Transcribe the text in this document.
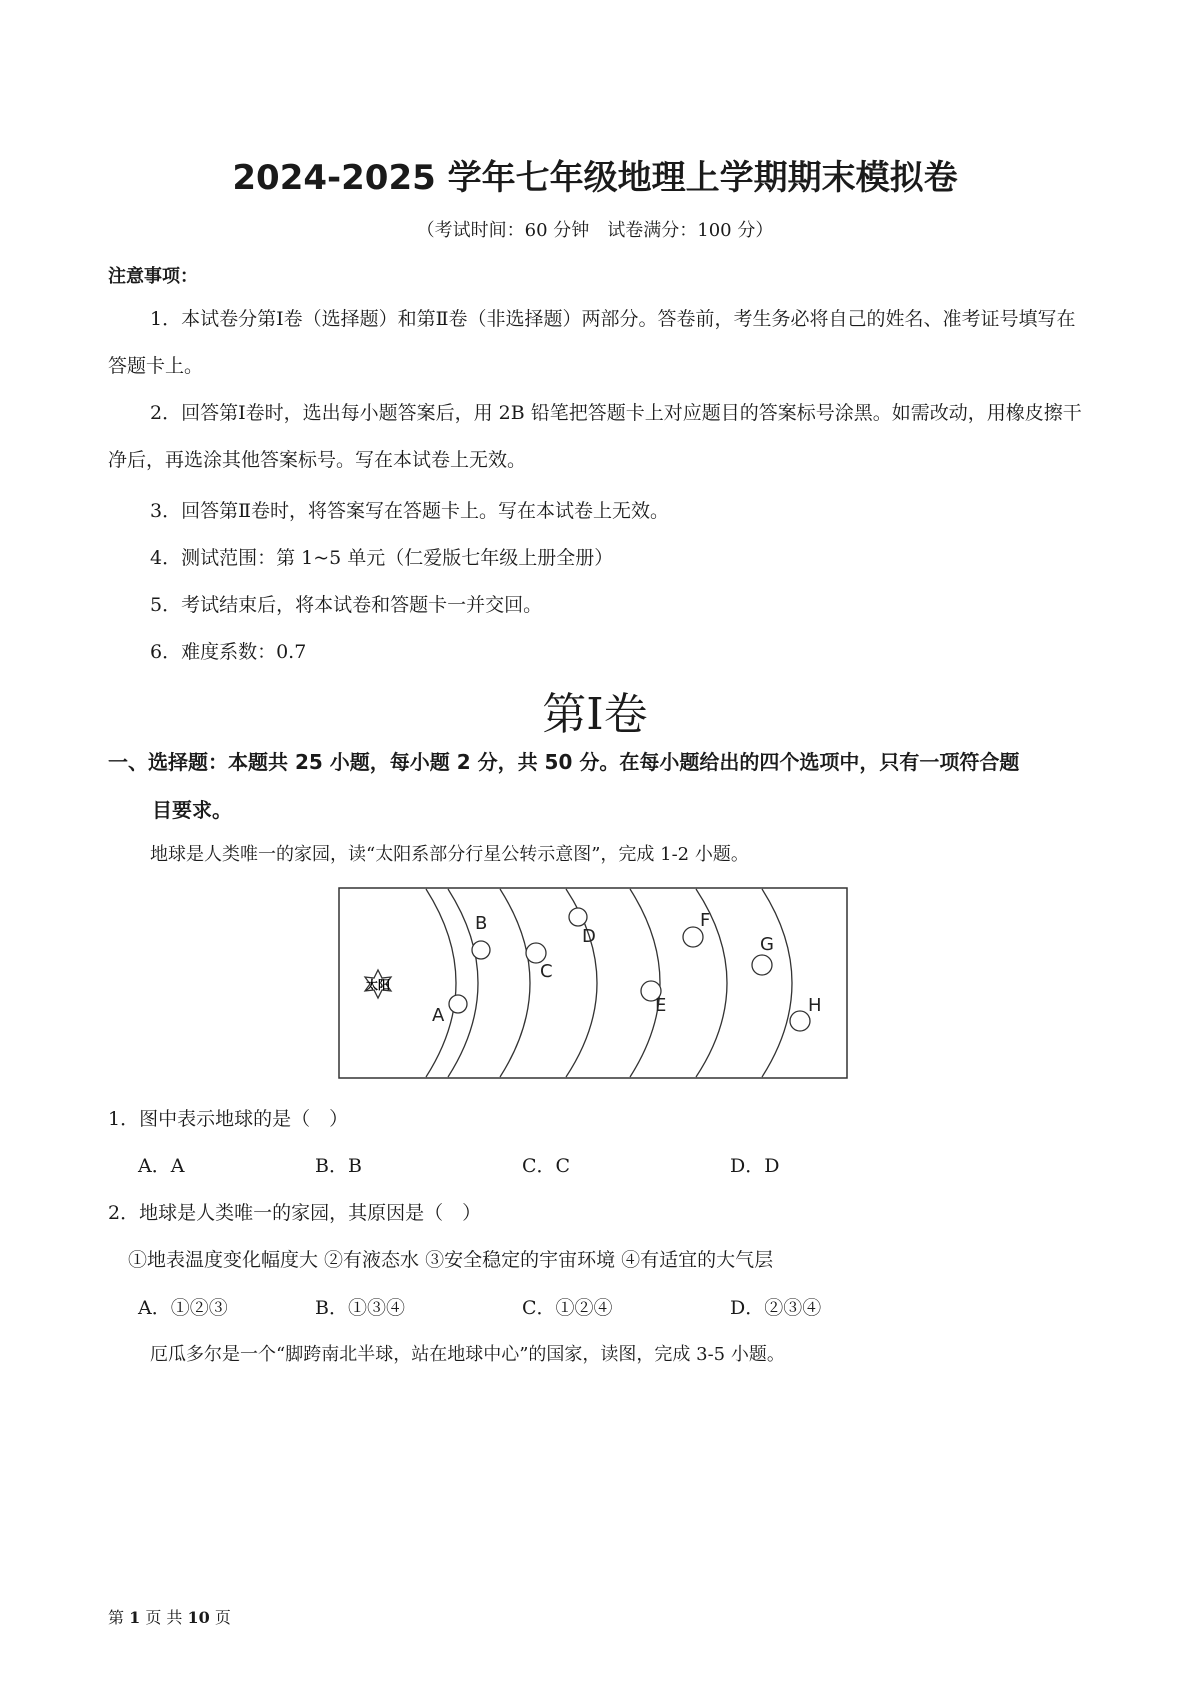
2024-2025 学年七年级地理上学期期末模拟卷
（考试时间：60 分钟　试卷满分：100 分）
注意事项：
1．本试卷分第Ⅰ卷（选择题）和第Ⅱ卷（非选择题）两部分。答卷前，考生务必将自己的姓名、准考证号填写在答题卡上。
2．回答第Ⅰ卷时，选出每小题答案后，用 2B 铅笔把答题卡上对应题目的答案标号涂黑。如需改动，用橡皮擦干净后，再选涂其他答案标号。写在本试卷上无效。
3．回答第Ⅱ卷时，将答案写在答题卡上。写在本试卷上无效。
4．测试范围：第 1~5 单元（仁爱版七年级上册全册）
5．考试结束后，将本试卷和答题卡一并交回。
6．难度系数：0.7
第Ⅰ卷
一、选择题：本题共 25 小题，每小题 2 分，共 50 分。在每小题给出的四个选项中，只有一项符合题
目要求。
地球是人类唯一的家园，读“太阳系部分行星公转示意图”，完成 1-2 小题。
太阳
A
B
C
D
E
F
G
H
1．图中表示地球的是（　）
A．A	B．B	C．C	D．D
2．地球是人类唯一的家园，其原因是（　）
①地表温度变化幅度大 ②有液态水 ③安全稳定的宇宙环境 ④有适宜的大气层
A．①②③	B．①③④	C．①②④	D．②③④
厄瓜多尔是一个“脚跨南北半球，站在地球中心”的国家，读图，完成 3-5 小题。
第 1 页 共 10 页
